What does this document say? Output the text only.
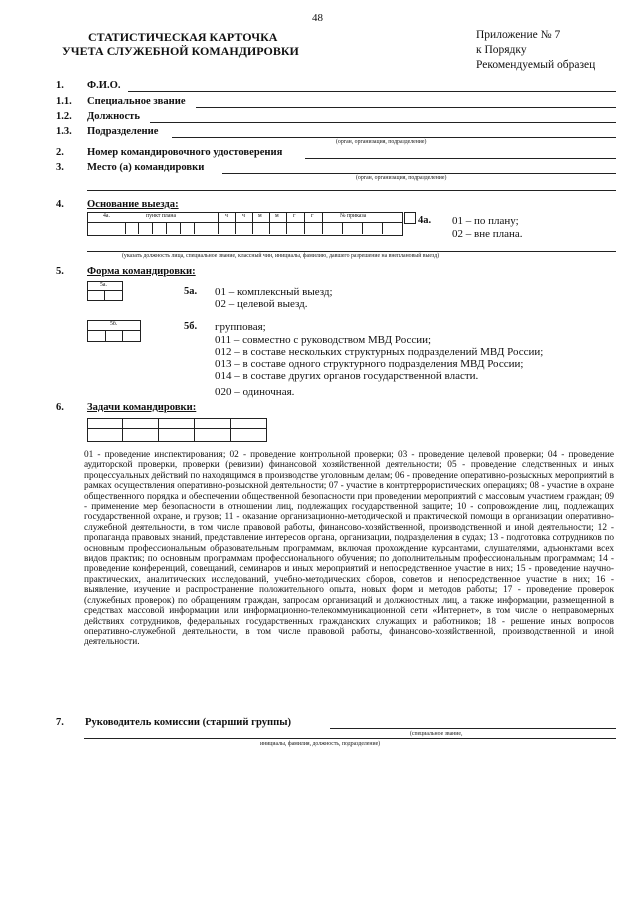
48
СТАТИСТИЧЕСКАЯ КАРТОЧКА
УЧЕТА СЛУЖЕБНОЙ КОМАНДИРОВКИ
Приложение № 7
к Порядку
Рекомендуемый образец
1. Ф.И.О.
1.1. Специальное звание
1.2. Должность
1.3. Подразделение
(орган, организация, подразделение)
2. Номер командировочного удостоверения
3. Место (а) командировки
(орган, организация, подразделение)
4. Основание выезда:
4а.	пункт плана	ч ч м м г	г	№ приказа	4а. 01 – по плану;
02 – вне плана.
(указать должность лица, специальное звание, классный чин, инициалы, фамилию, давшего разрешение на внеплановый выезд)
5. Форма командировки:
5а.
5а. 01 – комплексный выезд;
02 – целевой выезд.
5б.	5б. групповая;
011 – совместно с руководством МВД России;
012 – в составе нескольких структурных подразделений МВД России;
013 – в составе одного структурного подразделения МВД России;
014 – в составе других органов государственной власти.
020 – одиночная.
6. Задачи командировки:
01 - проведение инспектирования; 02 - проведение контрольной проверки; 03 - проведение целевой проверки; 04 - проведение аудиторской проверки, проверки (ревизии) финансовой хозяйственной деятельности; 05 - проведение следственных и иных процессуальных действий по находящимся в производстве уголовным делам; 06 - проведение оперативно-розыскных мероприятий в рамках осуществления оперативно-розыскной деятельности; 07 - участие в контртеррористических операциях; 08 - участие в охране общественного порядка и обеспечении общественной безопасности при проведении мероприятий с массовым участием граждан; 09 - применение мер безопасности в отношении лиц, подлежащих государственной защите; 10 - сопровождение лиц, подлежащих государственной охране, и грузов; 11 - оказание организационно-методической и практической помощи в организации оперативно-служебной деятельности, в том числе правовой работы, финансово-хозяйственной, производственной и иной деятельности; 12 - пропаганда правовых знаний, представление интересов органа, организации, подразделения в судах; 13 - подготовка сотрудников по основным профессиональным образовательным программам, включая прохождение курсантами, слушателями, адъюнктами всех видов практик; по основным программам профессионального обучения; по дополнительным профессиональным программам; 14 - проведение конференций, совещаний, семинаров и иных мероприятий и непосредственное участие в них; 15 - проведение научно-практических, аналитических исследований, учебно-методических сборов, советов и непосредственное участие в них; 16 - выявление, изучение и распространение положительного опыта, новых форм и методов работы; 17 - проведение проверок (служебных проверок) по обращениям граждан, запросам организаций и должностных лиц, а также информации, размещенной в средствах массовой информации или информационно-телекоммуникационной сети «Интернет», в том числе о неправомерных действиях сотрудников, федеральных государственных гражданских служащих и работников; 18 - решение иных вопросов оперативно-служебной деятельности, в том числе правовой работы, финансово-хозяйственной, производственной и иной деятельности.
7. Руководитель комиссии (старший группы)
(специальное звание,
инициалы, фамилия, должность, подразделение)
